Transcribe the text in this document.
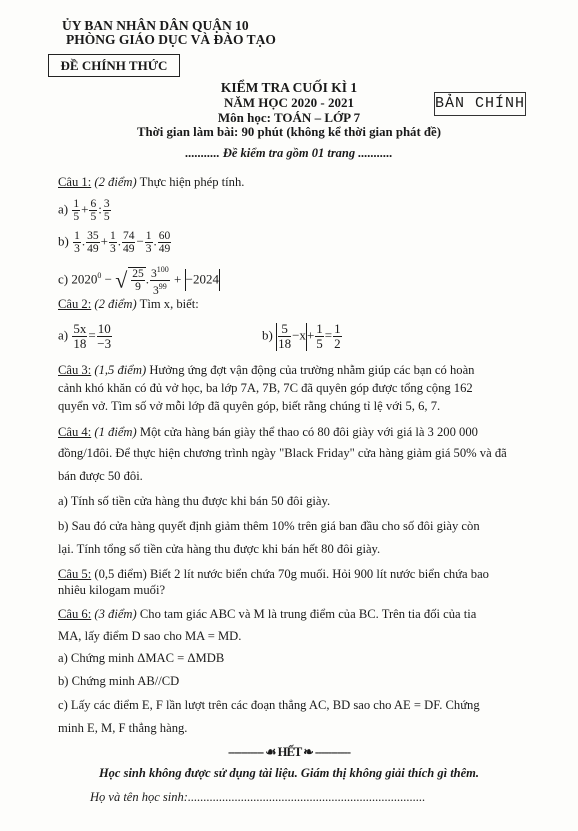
ỦY BAN NHÂN DÂN QUẬN 10
PHÒNG GIÁO DỤC VÀ ĐÀO TẠO
ĐỀ CHÍNH THỨC
KIỂM TRA CUỐI KÌ 1
NĂM HỌC 2020 - 2021
Môn học: TOÁN – LỚP 7
Thời gian làm bài: 90 phút (không kể thời gian phát đề)
........... Đề kiểm tra gồm 01 trang ...........
BẢN CHÍNH
Câu 1: (2 điểm) Thực hiện phép tính.
$a) \frac{1}{5} + \frac{6}{5}$ : $\frac{3}{5}$
$b) \frac{1}{3}$ . $\frac{35}{49} + \frac{1}{3}$ . $\frac{74}{49} - \frac{1}{3}$ . $\frac{60}{49}$
c) $2020^0$ − √ $\frac{25}{9}$ . $\frac{3^{100}}{3^{99}} + -2024$
Câu 2: (2 điểm) Tìm x, biết:
$a) \frac{5x}{18} = \frac{10}{-3}$	$b) \frac{5}{18} -x+ \frac{1}{5} = \frac{1}{2}$
Câu 3: (1,5 điểm) Hưởng ứng đợt vận động của trường nhằm giúp các bạn có hoàn
cảnh khó khăn có đủ vở học, ba lớp 7A, 7B, 7C đã quyên góp được tổng cộng 162
quyển vở. Tìm số vở mỗi lớp đã quyên góp, biết rằng chúng tỉ lệ với 5, 6, 7.
Câu 4: (1 điểm) Một cửa hàng bán giày thể thao có 80 đôi giày với giá là 3 200 000
đồng/1đôi. Để thực hiện chương trình ngày "Black Friday" cửa hàng giảm giá 50% và đã
bán được 50 đôi.
a) Tính số tiền cửa hàng thu được khi bán 50 đôi giày.
b) Sau đó cửa hàng quyết định giảm thêm 10% trên giá ban đầu cho số đôi giày còn
lại. Tính tổng số tiền cửa hàng thu được khi bán hết 80 đôi giày.
Câu 5: (0,5 điểm) Biết 2 lít nước biển chứa 70g muối. Hỏi 900 lít nước biển chứa bao
nhiêu kilogam muối?
Câu 6: (3 điểm) Cho tam giác ABC và M là trung điểm của BC. Trên tia đối của tia
MA, lấy điểm D sao cho MA = MD.
a) Chứng minh ΔMAC = ΔMDB
b) Chứng minh AB//CD
c) Lấy các điểm E, F lần lượt trên các đoạn thẳng AC, BD sao cho AE = DF. Chứng
minh E, M, F thẳng hàng.
----------- ☙ HẾT ❧ -----------
Học sinh không được sử dụng tài liệu. Giám thị không giải thích gì thêm.
Họ và tên học sinh:............................................................................
